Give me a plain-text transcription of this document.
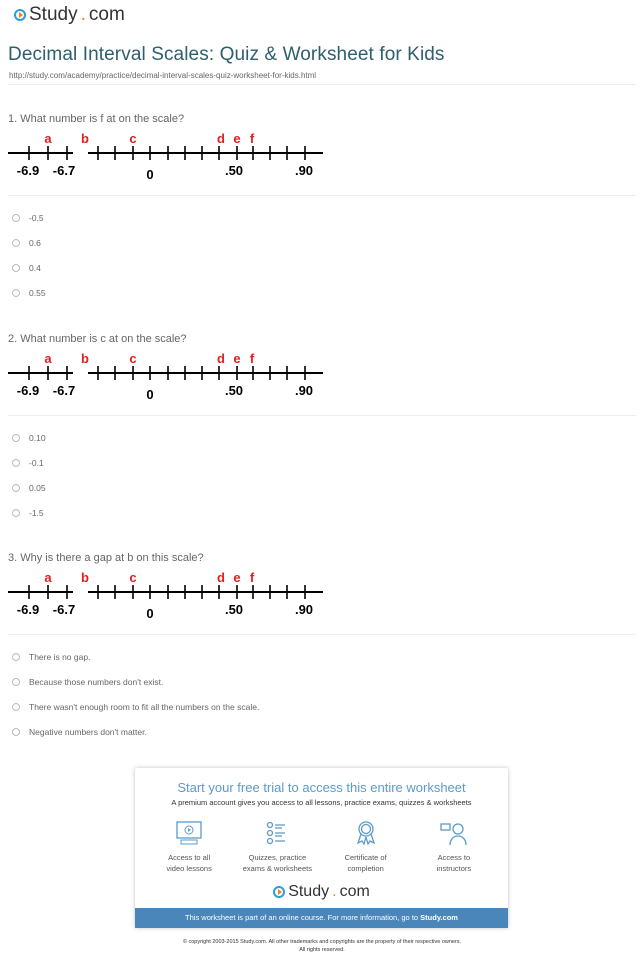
Study . com
Decimal Interval Scales: Quiz & Worksheet for Kids
http://study.com/academy/practice/decimal-interval-scales-quiz-worksheet-for-kids.html
1. What number is f at on the scale?
a b	c	d e f
-6.9 -6.7	0	.50	.90
-0.5
0.6
0.4
0.55
2. What number is c at on the scale?
a b	c	d e f
-6.9 -6.7	0	.50	.90
0.10
-0.1
0.05
-1.5
3. Why is there a gap at b on this scale?
a b	c	d e f
-6.9 -6.7	0	.50	.90
There is no gap.
Because those numbers don't exist.
There wasn't enough room to fit all the numbers on the scale.
Negative numbers don't matter.
Start your free trial to access this entire worksheet
A premium account gives you access to all lessons, practice exams, quizzes & worksheets
Access to all
video lessons
Quizzes, practice
exams & worksheets
Certificate of
completion
Access to
instructors
Study . com
This worksheet is part of an online course. For more information, go to Study.com
© copyright 2003-2015 Study.com. All other trademarks and copyrights are the property of their respective owners.
All rights reserved.
